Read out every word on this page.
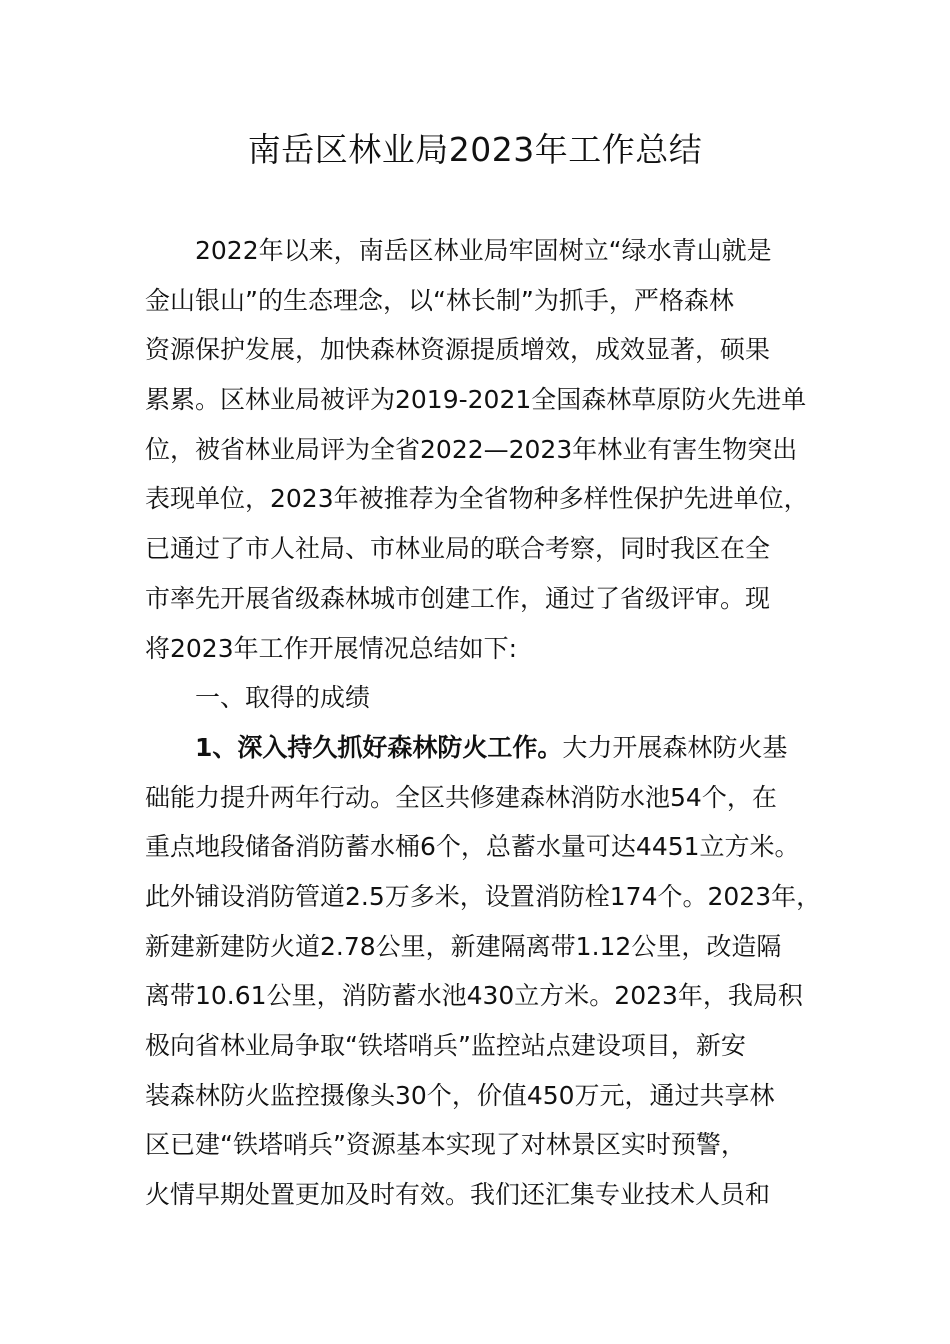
南岳区林业局2023年工作总结
2022年以来，南岳区林业局牢固树立“绿水青山就是
金山银山”的生态理念，以“林长制”为抓手，严格森林
资源保护发展，加快森林资源提质增效，成效显著，硕果
累累。区林业局被评为2019-2021全国森林草原防火先进单
位，被省林业局评为全省2022—2023年林业有害生物突出
表现单位，2023年被推荐为全省物种多样性保护先进单位，
已通过了市人社局、市林业局的联合考察，同时我区在全
市率先开展省级森林城市创建工作，通过了省级评审。现
将2023年工作开展情况总结如下:
一、取得的成绩
1、深入持久抓好森林防火工作。大力开展森林防火基
础能力提升两年行动。全区共修建森林消防水池54个，在
重点地段储备消防蓄水桶6个，总蓄水量可达4451立方米。
此外铺设消防管道2.5万多米，设置消防栓174个。2023年，
新建新建防火道2.78公里，新建隔离带1.12公里，改造隔
离带10.61公里，消防蓄水池430立方米。2023年，我局积
极向省林业局争取“铁塔哨兵”监控站点建设项目，新安
装森林防火监控摄像头30个，价值450万元，通过共享林
区已建“铁塔哨兵”资源基本实现了对林景区实时预警，
火情早期处置更加及时有效。我们还汇集专业技术人员和
